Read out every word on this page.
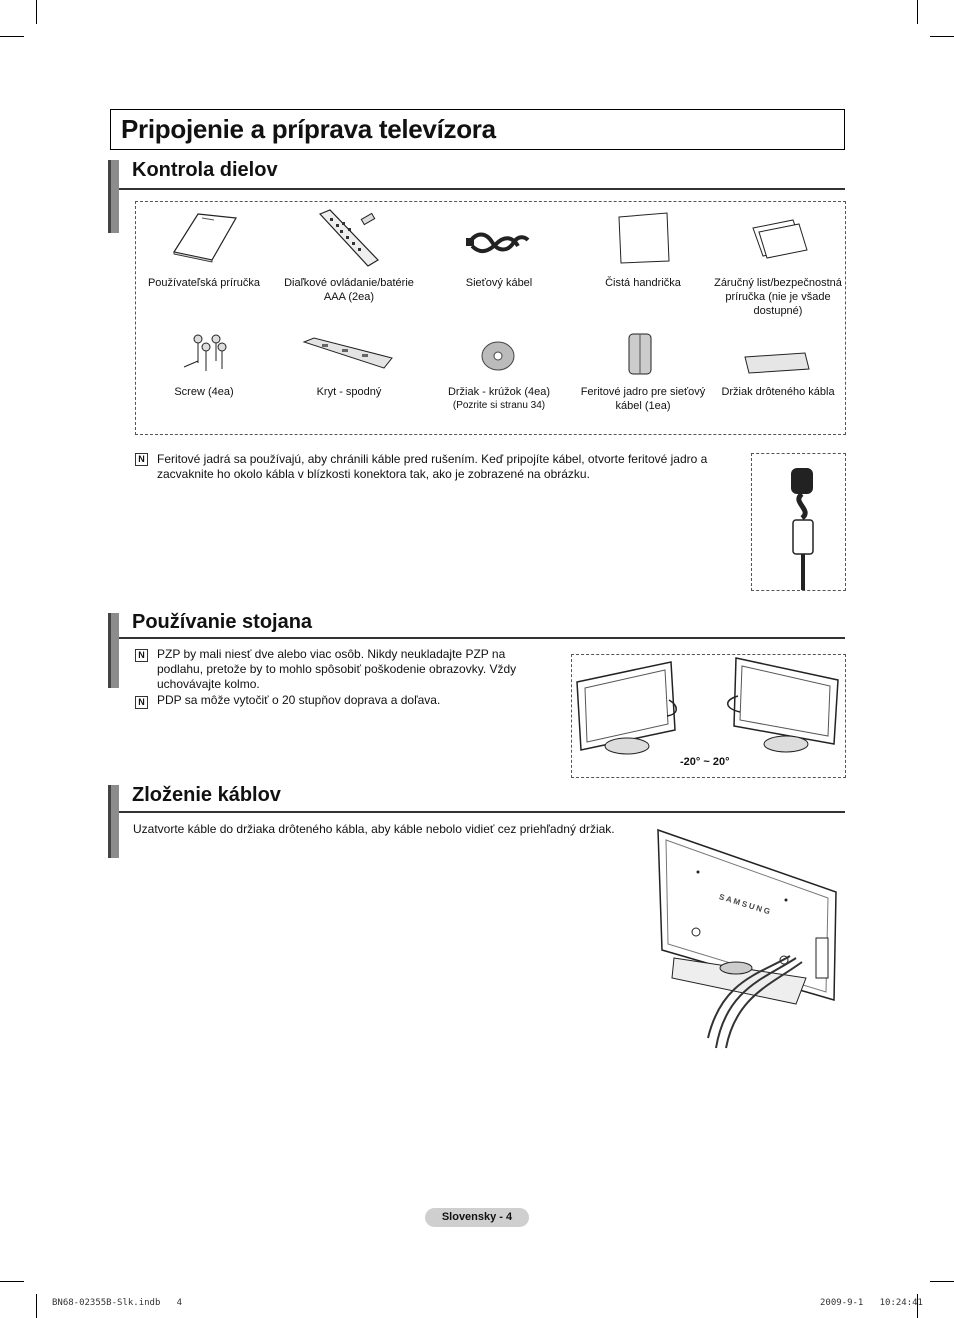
Pripojenie a príprava televízora
Kontrola dielov
Používateľská príručka	Diaľkové ovládanie/batérie AAA (2ea)
Sieťový kábel	Čistá handrička	Záručný list/bezpečnostná príručka (nie je všade dostupné)
Screw (4ea)	Kryt - spodný	Držiak - krúžok (4ea)
(Pozrite si stranu 34)
Feritové jadro pre sieťový kábel (1ea)
Držiak drôteného kábla
N Feritové jadrá sa používajú, aby chránili káble pred rušením. Keď pripojíte kábel, otvorte feritové jadro a zacvaknite ho okolo kábla v blízkosti konektora tak, ako je zobrazené na obrázku.
Používanie stojana
N PZP by mali niesť dve alebo viac osôb. Nikdy neukladajte PZP na podlahu, pretože by to mohlo spôsobiť poškodenie obrazovky. Vždy uchovávajte kolmo.
N PDP sa môže vytočiť o 20 stupňov doprava a doľava.
-20° ~ 20°
Zloženie káblov
Uzatvorte káble do držiaka drôteného kábla, aby káble nebolo vidieť cez priehľadný držiak.
SAMSUNG
Slovensky - 4
BN68-02355B-Slk.indb   4	2009-9-1   10:24:41
